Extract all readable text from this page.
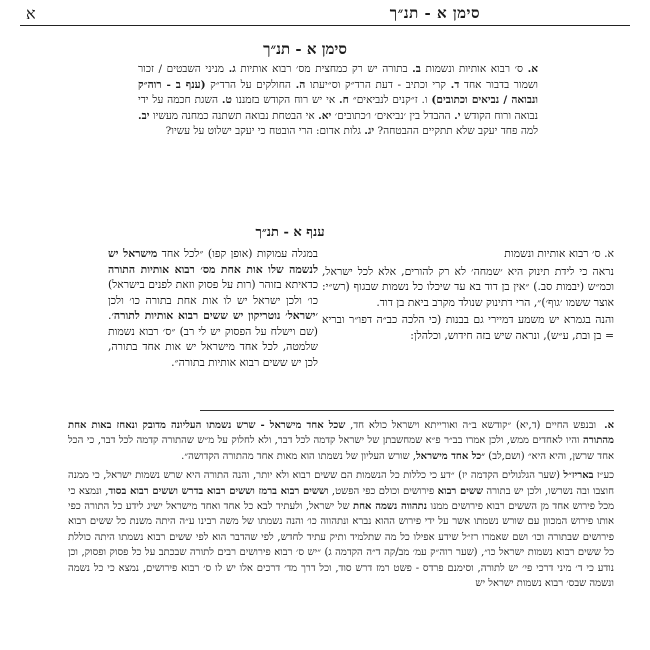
סימן א - תנ״ך
א
סימן א - תנ״ך
א. ס׳ רבוא אותיות ונשמות ב. בתורה יש רק כמחצית מס׳ רבוא אותיות ג. מניני השבטים / זכור ושמור בדבור אחד ד. קרי וכתיב - דעת הרד״ק וס״יעתו ה. החולקים על הרד״ק (ענף ב - רוה״ק ונבואה / נביאים וכתובים) ו. ז״קנים לנביאים״ ח. אי יש רוח הקודש בזמננו ט. השגת חכמה על ידי נבואה ורוח הקודש י. ההבדל בין ׳נביאים׳ ו׳כתובים׳ יא. אי הבטחת נבואה תשתנה כמחנה מעשיו יב. למה פחד יעקב שלא תתקיים ההבטחה? יג. גלות אדום: הרי הובטח כי יעקב ישלוט על עשיו?
ענף א - תנ״ך

א. ס׳ רבוא אותיות ונשמות

נראה כי לידת תינוק היא ׳שמחה׳ לא רק להורים, אלא לכל ישראל, וכמ״ש (יבמות סב.) ״אין בן דוד בא עד שיכלו כל נשמות שבגוף (רש״י: אוצר ששמו ׳גוף׳)״, הרי דתינוק שנולד מקרב ביאת בן דוד.

והנה בגמרא יש משמע דמיירי גם בבנות (כי הלכה כב״ה דפו״ר ובריא = בן ובת, ע״ש), ונראה שיש בזה חידוש, וכלהלן:

במגלה עמוקות (אופן קפו) ״לכל אחד מישראל יש לנשמה שלו אות אחת מס׳ רבוא אותיות התורה כדאיתא בזוהר (רות על פסוק וזאת לפנים בישראל) כו׳ ולכן ישראל יש לו אות אחת בתורה כו׳ ולכן ׳ישראל׳ נוטריקון יש ששים רבוא אותיות לתורה׳. (שם וישלח על הפסוק יש לי רב) ״ס׳ רבוא נשמות שלמטה, לכל אחד מישראל יש אות אחד בתורה, לכן יש ששים רבוא אותיות בתורה״.

א.ובנפש החיים (ד,יא) ״קודשא ב״ה ואורייתא וישראל כולא חד, שכל אחד מישראל - שרש נשמתו העליונה מדובק ונאחז באות אחת מהתורה והיו לאחדים ממש, ולכן אמרו בב״ר פ״א שמחשבתן של ישראל קדמה לכל דבר, ולא לחלוק על מ״ש שהתורה קדמה לכל דבר, כי הכל אחד שרשן, והיא היא״ (ושם,לב) ״כל אחד מישראל, שורש העליון של נשמתו הוא מאות אחד מהתורה הקדושה״.

כע״ז באריז״ל (שער הגלגולים הקדמה יז) ״דע כי כללות כל הנשמות הם ששים רבוא ולא יותר, והנה התורה היא שרש נשמות ישראל, כי ממנה חוצבו ובה נשרשו, ולכן יש בתורה ששים רבוא פירושים וכולם כפי הפשט, וששים רבוא ברמז וששים רבוא בדרש וששים רבוא בסוד, ונמצא כי מכל פירוש אחד מן הששים רבוא פירושים ממנו נתהווה נשמה אחת של ישראל, ולעתיד לבא כל אחד ואחד מישראל ישיג לידע כל התורה כפי אותו פירוש המכוון עם שורש נשמתו אשר על ידי פירוש ההוא נברא ונתהווה כו׳ והנה נשמתו של משה רבינו ע״ה היתה משנת כל ששים רבוא פירושים שבתורה וכו׳ ושם שאמרו רז״ל שידע אפילו כל מה שתלמיד ותיק עתיד לחדש, לפי שהדבר הוא לפי ששים רבוא נשמתו היתה כוללת כל ששים רבוא נשמות ישראל כו״, (שער רוה״ק עמ׳ מב/קה ד״ה הקדמה ג) ״יש ס׳ רבוא פירושים רבים לתורה שבכתב על כל פסוק ופסוק, וכן נודע כי ד׳ מיני דרכי פי׳ יש לתורה, וסימנם פרדס - פשט רמז דרש סוד, וכל דרך מד׳ דרכים אלו יש לו ס׳ רבוא פירושים, נמצא כי כל נשמה ונשמה שבס׳ רבוא נשמות ישראל יש
